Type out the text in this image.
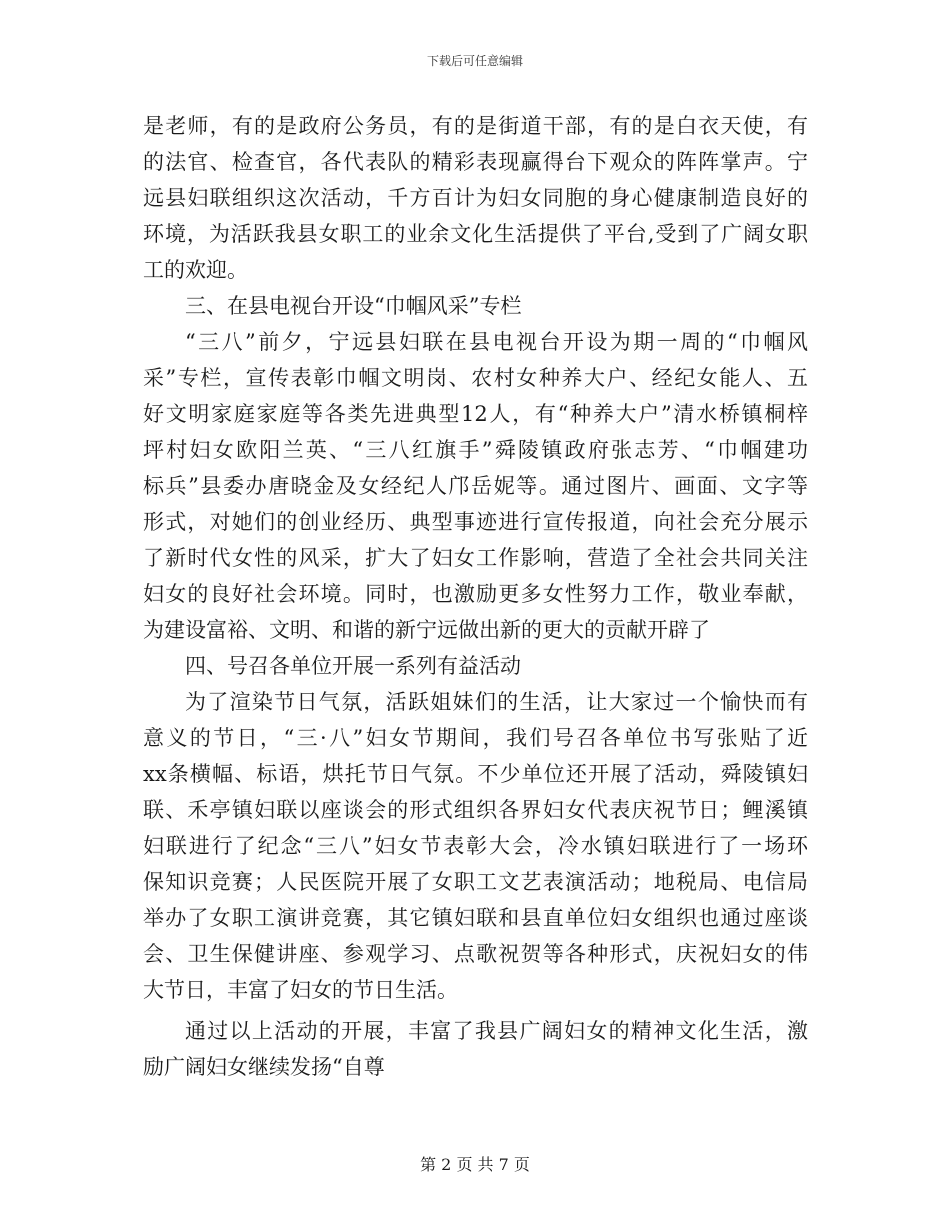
下载后可任意编辑
是老师，有的是政府公务员，有的是街道干部，有的是白衣天使，有
的法官、检查官，各代表队的精彩表现赢得台下观众的阵阵掌声。宁
远县妇联组织这次活动，千方百计为妇女同胞的身心健康制造良好的
环境，为活跃我县女职工的业余文化生活提供了平台,受到了广阔女职
工的欢迎。
三、在县电视台开设“巾帼风采”专栏
“三八”前夕，宁远县妇联在县电视台开设为期一周的“巾帼风
采”专栏，宣传表彰巾帼文明岗、农村女种养大户、经纪女能人、五
好文明家庭家庭等各类先进典型12人，有“种养大户”清水桥镇桐梓
坪村妇女欧阳兰英、“三八红旗手”舜陵镇政府张志芳、“巾帼建功
标兵”县委办唐晓金及女经纪人邝岳妮等。通过图片、画面、文字等
形式，对她们的创业经历、典型事迹进行宣传报道，向社会充分展示
了新时代女性的风采，扩大了妇女工作影响，营造了全社会共同关注
妇女的良好社会环境。同时，也激励更多女性努力工作，敬业奉献，
为建设富裕、文明、和谐的新宁远做出新的更大的贡献开辟了
四、号召各单位开展一系列有益活动
为了渲染节日气氛，活跃姐妹们的生活，让大家过一个愉快而有
意义的节日，“三·八”妇女节期间，我们号召各单位书写张贴了近
xx条横幅、标语，烘托节日气氛。不少单位还开展了活动，舜陵镇妇
联、禾亭镇妇联以座谈会的形式组织各界妇女代表庆祝节日；鲤溪镇
妇联进行了纪念“三八”妇女节表彰大会，冷水镇妇联进行了一场环
保知识竞赛；人民医院开展了女职工文艺表演活动；地税局、电信局
举办了女职工演讲竞赛，其它镇妇联和县直单位妇女组织也通过座谈
会、卫生保健讲座、参观学习、点歌祝贺等各种形式，庆祝妇女的伟
大节日，丰富了妇女的节日生活。
通过以上活动的开展，丰富了我县广阔妇女的精神文化生活，激
励广阔妇女继续发扬“自尊
第 2 页 共 7 页
